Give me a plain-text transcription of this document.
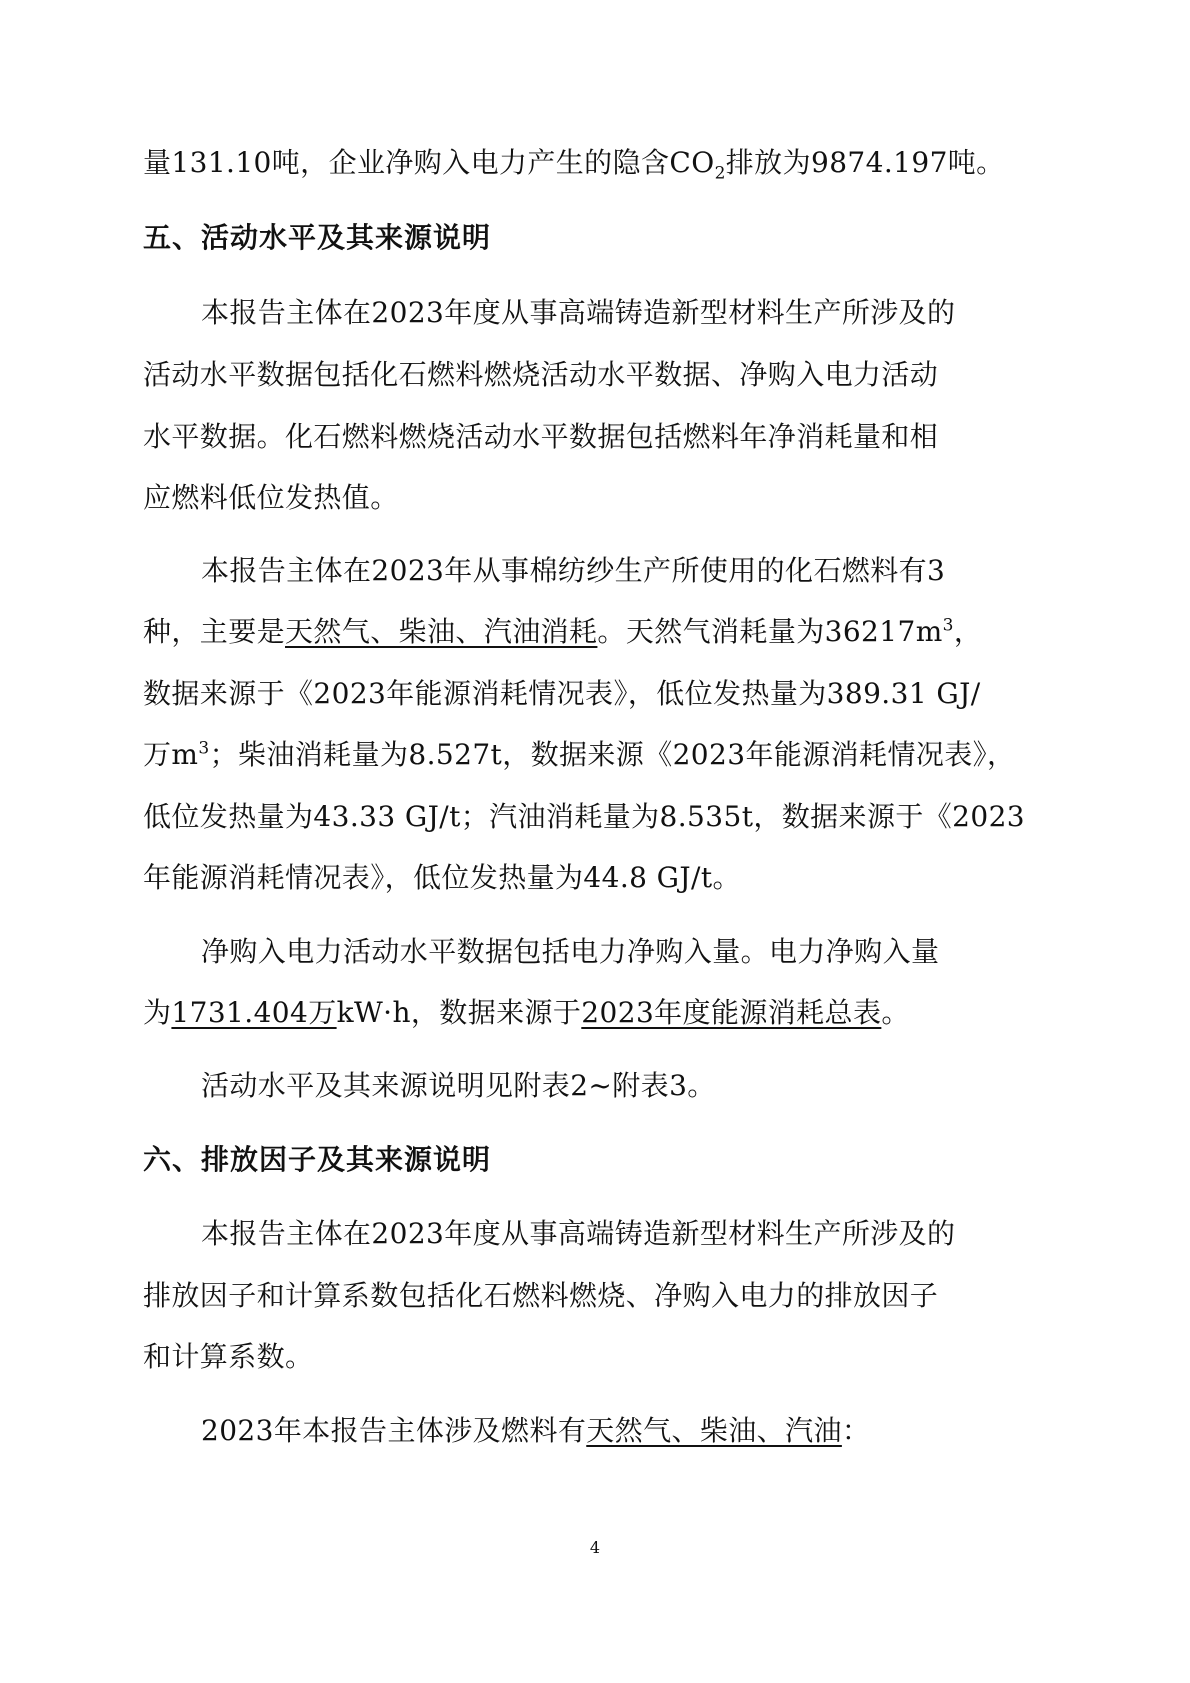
量131.10吨，企业净购入电力产生的隐含$CO_2$排放为9874.197吨。
五、活动水平及其来源说明
本报告主体在2023年度从事高端铸造新型材料生产所涉及的
活动水平数据包括化石燃料燃烧活动水平数据、净购入电力活动
水平数据。化石燃料燃烧活动水平数据包括燃料年净消耗量和相
应燃料低位发热值。
本报告主体在2023年从事棉纺纱生产所使用的化石燃料有3
种，主要是天然气、柴油、汽油消耗。天然气消耗量为$36217m^3$，
数据来源于《2023年能源消耗情况表》，低位发热量为389.31 GJ/
万$m^3$；柴油消耗量为8.527t，数据来源《2023年能源消耗情况表》，
低位发热量为43.33 GJ/t；汽油消耗量为8.535t，数据来源于《2023
年能源消耗情况表》，低位发热量为44.8 GJ/t。
净购入电力活动水平数据包括电力净购入量。电力净购入量
为1731.404万kW·h，数据来源于2023年度能源消耗总表。
活动水平及其来源说明见附表2~附表3。
六、排放因子及其来源说明
本报告主体在2023年度从事高端铸造新型材料生产所涉及的
排放因子和计算系数包括化石燃料燃烧、净购入电力的排放因子
和计算系数。
2023年本报告主体涉及燃料有天然气、柴油、汽油：
4
